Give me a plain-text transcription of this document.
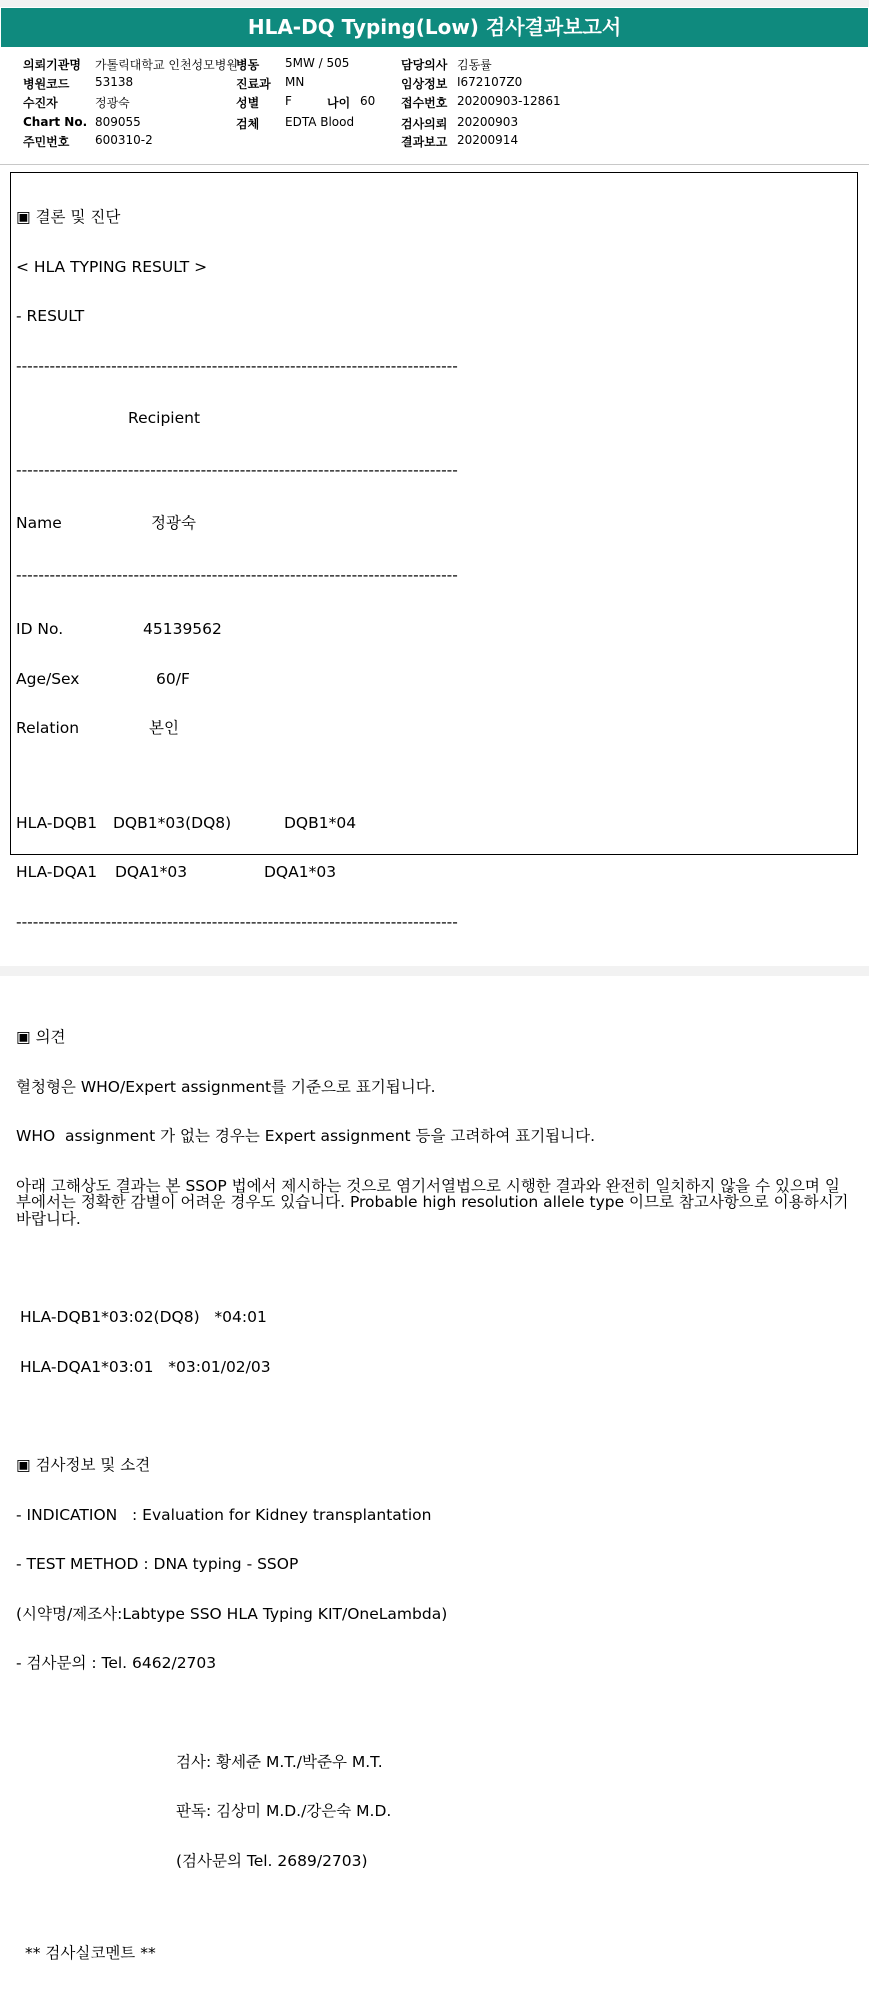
HLA-DQ Typing(Low) 검사결과보고서
의뢰기관명 가톨릭대학교 인천성모병원
병동 5MW / 505	담당의사 김동률
병원코드 53138	진료과 MN	임상정보 I672107Z0
수진자	정광숙	성별 F	나이 60 접수번호 20200903-12861
Chart No. 809055	검체 EDTA Blood	검사의뢰 20200903
주민번호 600310-2	결과보고 20200914

▣ 결론 및 진단

< HLA TYPING RESULT >

- RESULT

-------------------------------------------------------------------------------

Recipient

-------------------------------------------------------------------------------

Name	정광숙

-------------------------------------------------------------------------------

ID No.	45139562

Age/Sex	60/F

Relation	본인

HLA-DQB1 DQB1*03(DQ8)	DQB1*04

HLA-DQA1 DQA1*03	DQA1*03

-------------------------------------------------------------------------------

▣ 의견

혈청형은 WHO/Expert assignment를 기준으로 표기됩니다.

WHO  assignment 가 없는 경우는 Expert assignment 등을 고려하여 표기됩니다.

아래 고해상도 결과는 본 SSOP 법에서 제시하는 것으로 염기서열법으로 시행한 결과와 완전히 일치하지 않을 수 있으며 일부에서는 정확한 감별이 어려운 경우도 있습니다. Probable high resolution allele type 이므로 참고사항으로 이용하시기 바랍니다.

HLA-DQB1*03:02(DQ8)   *04:01

HLA-DQA1*03:01   *03:01/02/03

▣ 검사정보 및 소견

- INDICATION   : Evaluation for Kidney transplantation

- TEST METHOD : DNA typing - SSOP

(시약명/제조사:Labtype SSO HLA Typing KIT/OneLambda)

- 검사문의 : Tel. 6462/2703

검사: 황세준 M.T./박준우 M.T.

판독: 김상미 M.D./강은숙 M.D.

(검사문의 Tel. 2689/2703)

** 검사실코멘트 **
